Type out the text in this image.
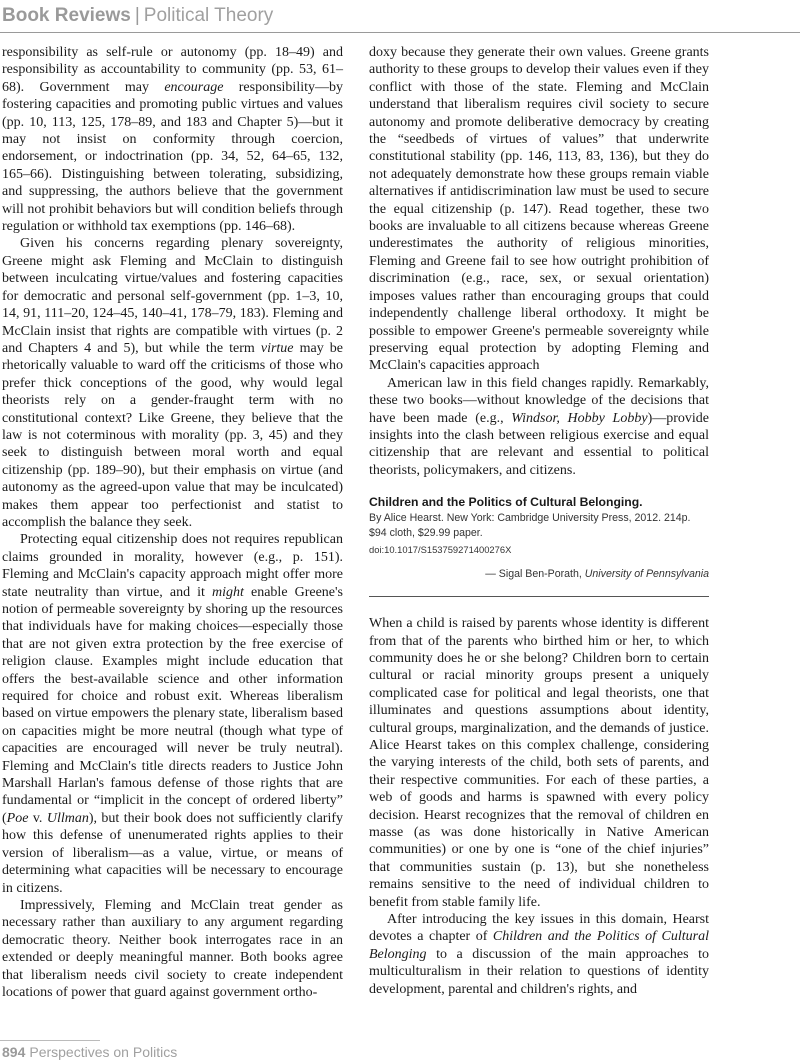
Book Reviews | Political Theory

responsibility as self-rule or autonomy (pp. 18–49) and responsibility as accountability to community (pp. 53, 61–68). Government may encourage responsibility—by fostering capacities and promoting public virtues and values (pp. 10, 113, 125, 178–89, and 183 and Chapter 5)—but it may not insist on conformity through coercion, endorsement, or indoctrination (pp. 34, 52, 64–65, 132, 165–66). Distinguishing between tolerating, subsidizing, and suppressing, the authors believe that the government will not prohibit behaviors but will condition beliefs through regulation or withhold tax exemptions (pp. 146–68).

Given his concerns regarding plenary sovereignty, Greene might ask Fleming and McClain to distinguish between inculcating virtue/values and fostering capacities for democratic and personal self-government (pp. 1–3, 10, 14, 91, 111–20, 124–45, 140–41, 178–79, 183). Fleming and McClain insist that rights are compatible with virtues (p. 2 and Chapters 4 and 5), but while the term virtue may be rhetorically valuable to ward off the criticisms of those who prefer thick conceptions of the good, why would legal theorists rely on a gender-fraught term with no constitutional context? Like Greene, they believe that the law is not coterminous with morality (pp. 3, 45) and they seek to distinguish between moral worth and equal citizenship (pp. 189–90), but their emphasis on virtue (and autonomy as the agreed-upon value that may be inculcated) makes them appear too perfectionist and statist to accomplish the balance they seek.

Protecting equal citizenship does not requires republican claims grounded in morality, however (e.g., p. 151). Fleming and McClain's capacity approach might offer more state neutrality than virtue, and it might enable Greene's notion of permeable sovereignty by shoring up the resources that individuals have for making choices—especially those that are not given extra protection by the free exercise of religion clause. Examples might include education that offers the best-available science and other information required for choice and robust exit. Whereas liberalism based on virtue empowers the plenary state, liberalism based on capacities might be more neutral (though what type of capacities are encouraged will never be truly neutral). Fleming and McClain's title directs readers to Justice John Marshall Harlan's famous defense of those rights that are fundamental or “implicit in the concept of ordered liberty” (Poe v. Ullman), but their book does not sufficiently clarify how this defense of unenumerated rights applies to their version of liberalism—as a value, virtue, or means of determining what capacities will be necessary to encourage in citizens.

Impressively, Fleming and McClain treat gender as necessary rather than auxiliary to any argument regarding democratic theory. Neither book interrogates race in an extended or deeply meaningful manner. Both books agree that liberalism needs civil society to create independent locations of power that guard against government ortho-

doxy because they generate their own values. Greene grants authority to these groups to develop their values even if they conflict with those of the state. Fleming and McClain understand that liberalism requires civil society to secure autonomy and promote deliberative democracy by creating the “seedbeds of virtues of values” that underwrite constitutional stability (pp. 146, 113, 83, 136), but they do not adequately demonstrate how these groups remain viable alternatives if antidiscrimination law must be used to secure the equal citizenship (p. 147). Read together, these two books are invaluable to all citizens because whereas Greene underestimates the authority of religious minorities, Fleming and Greene fail to see how outright prohibition of discrimination (e.g., race, sex, or sexual orientation) imposes values rather than encouraging groups that could independently challenge liberal orthodoxy. It might be possible to empower Greene's permeable sovereignty while preserving equal protection by adopting Fleming and McClain's capacities approach

American law in this field changes rapidly. Remarkably, these two books—without knowledge of the decisions that have been made (e.g., Windsor, Hobby Lobby)—provide insights into the clash between religious exercise and equal citizenship that are relevant and essential to political theorists, policymakers, and citizens.

Children and the Politics of Cultural Belonging.
By Alice Hearst. New York: Cambridge University Press, 2012. 214p. $94 cloth, $29.99 paper.
doi:10.1017/S153759271400276X
— Sigal Ben-Porath, University of Pennsylvania

When a child is raised by parents whose identity is different from that of the parents who birthed him or her, to which community does he or she belong? Children born to certain cultural or racial minority groups present a uniquely complicated case for political and legal theorists, one that illuminates and questions assumptions about identity, cultural groups, marginalization, and the demands of justice. Alice Hearst takes on this complex challenge, considering the varying interests of the child, both sets of parents, and their respective communities. For each of these parties, a web of goods and harms is spawned with every policy decision. Hearst recognizes that the removal of children en masse (as was done historically in Native American communities) or one by one is “one of the chief injuries” that communities sustain (p. 13), but she nonetheless remains sensitive to the need of individual children to benefit from stable family life.

After introducing the key issues in this domain, Hearst devotes a chapter of Children and the Politics of Cultural Belonging to a discussion of the main approaches to multiculturalism in their relation to questions of identity development, parental and children's rights, and

894 Perspectives on Politics
